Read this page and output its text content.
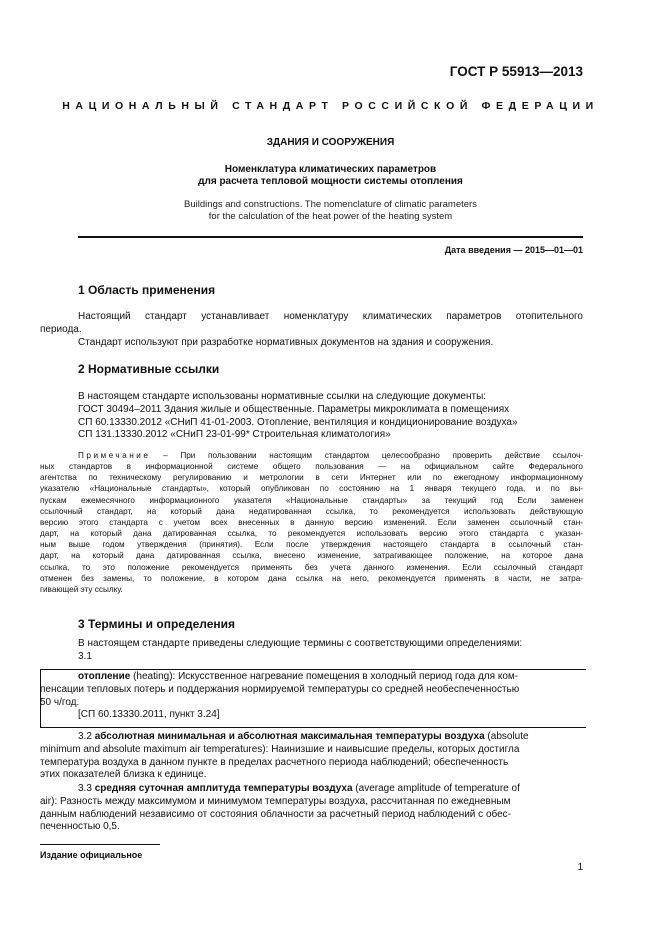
ГОСТ Р 55913—2013
НАЦИОНАЛЬНЫЙ СТАНДАРТ РОССИЙСКОЙ ФЕДЕРАЦИИ
ЗДАНИЯ И СООРУЖЕНИЯ
Номенклатура климатических параметров
для расчета тепловой мощности системы отопления
Buildings and constructions. The nomenclature of climatic parameters
for the calculation of the heat power of the heating system
Дата введения — 2015—01—01
1 Область применения
Настоящий стандарт устанавливает номенклатуру климатических параметров отопительного
периода.
Стандарт используют при разработке нормативных документов на здания и сооружения.
2 Нормативные ссылки
В настоящем стандарте использованы нормативные ссылки на следующие документы:
ГОСТ 30494–2011 Здания жилые и общественные. Параметры микроклимата в помещениях
СП 60.13330.2012 «СНиП 41-01-2003. Отопление, вентиляция и кондиционирование воздуха»
СП 131.13330.2012 «СНиП 23-01-99* Строительная климатология»
Примечание – При пользовании настоящим стандартом целесообразно проверить действие ссылоч-
ных стандартов в информационной системе общего пользования — на официальном сайте Федерального
агентства по техническому регулированию и метрологии в сети Интернет или по ежегодному информационному
указателю «Национальные стандарты», который опубликован по состоянию на 1 января текущего года, и по вы-
пускам ежемесячного информационного указателя «Национальные стандарты» за текущий год Если заменен
ссылочный стандарт, на который дана недатированная ссылка, то рекомендуется использовать действующую
версию этого стандарта с учетом всех внесенных в данную версию изменений. Если заменен ссылочный стан-
дарт, на который дана датированная ссылка, то рекомендуется использовать версию этого стандарта с указан-
ным выше годом утверждения (принятия). Если после утверждения настоящего стандарта в ссылочный стан-
дарт, на который дана датированная ссылка, внесено изменение, затрагивающее положение, на которое дана
ссылка, то это положение рекомендуется применять без учета данного изменения. Если ссылочный стандарт
отменен без замены, то положение, в котором дана ссылка на него, рекомендуется применять в части, не затра-
гивающей эту ссылку.
3 Термины и определения
В настоящем стандарте приведены следующие термины с соответствующими определениями:
3.1
отопление (heating): Искусственное нагревание помещения в холодный период года для ком-
пенсации тепловых потерь и поддержания нормируемой температуры со средней необеспеченностью
50 ч/год.
[СП 60.13330.2011, пункт 3.24]
3.2 абсолютная минимальная и абсолютная максимальная температуры воздуха (absolute
minimum and absolute maximum air temperatures): Наинизшие и наивысшие пределы, которых достигла
температура воздуха в данном пункте в пределах расчетного периода наблюдений; обеспеченность
этих показателей близка к единице.
3.3 средняя суточная амплитуда температуры воздуха (average amplitude of temperature of
air): Разность между максимумом и минимумом температуры воздуха, рассчитанная по ежедневным
данным наблюдений независимо от состояния облачности за расчетный период наблюдений с обес-
печенностью 0,5.
Издание официальное
1
